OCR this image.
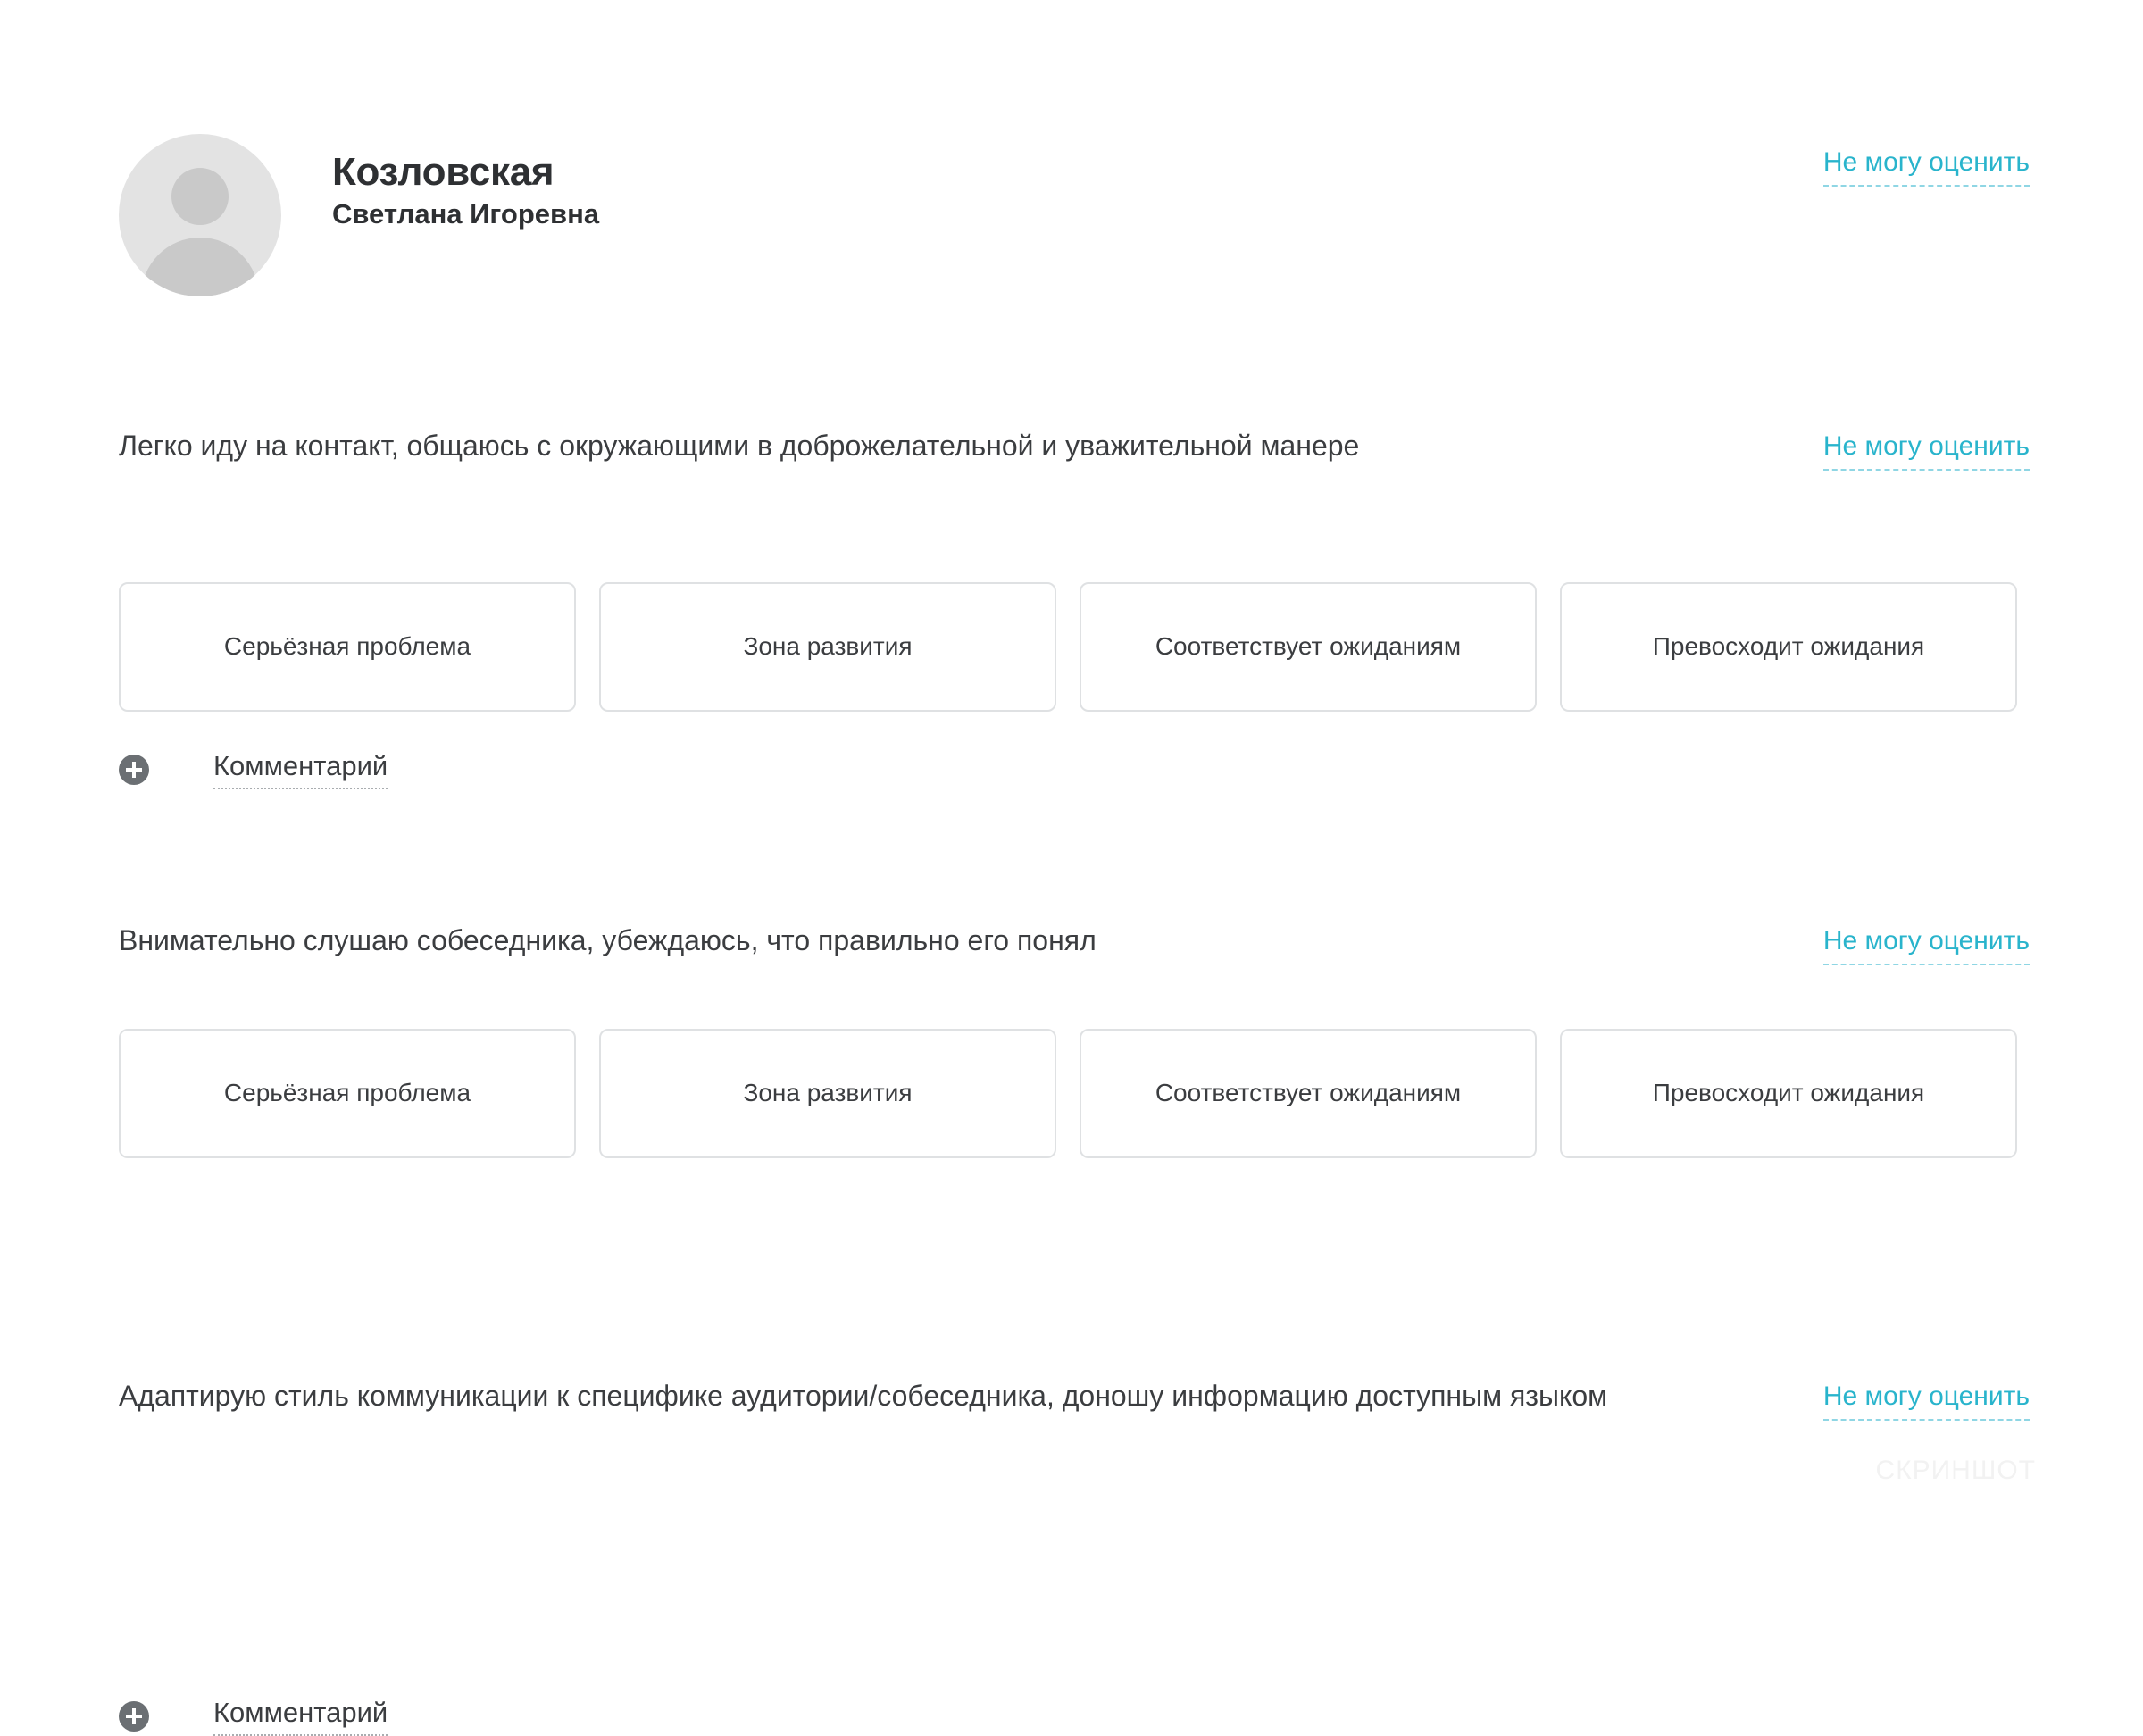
Козловская
Светлана Игоревна
Не могу оценить
Легко иду на контакт, общаюсь с окружающими в доброжелательной и уважительной манере	Не могу оценить
Серьёзная проблема	Зона развития	Соответствует ожиданиям	Превосходит ожидания
Комментарий
Внимательно слушаю собеседника, убеждаюсь, что правильно его понял	Не могу оценить
Серьёзная проблема	Зона развития	Соответствует ожиданиям	Превосходит ожидания
Комментарий
Адаптирую стиль коммуникации к специфике аудитории/собеседника, доношу информацию доступным языком	Не могу оценить
СКРИНШОТ
